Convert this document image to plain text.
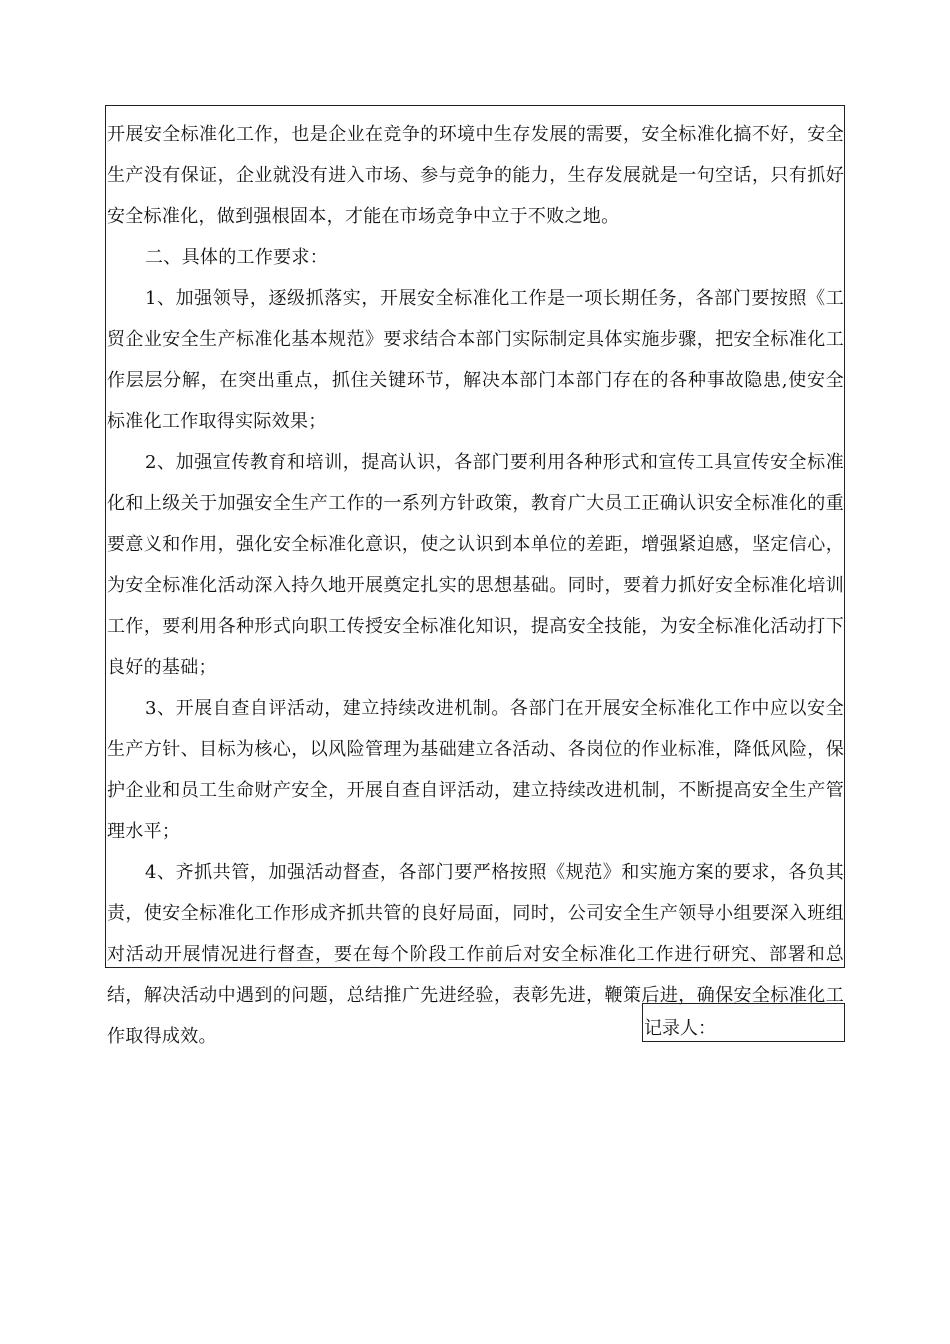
开展安全标准化工作，也是企业在竞争的环境中生存发展的需要，安全标准化搞不好，安全生产没有保证，企业就没有进入市场、参与竞争的能力，生存发展就是一句空话，只有抓好安全标准化，做到强根固本，才能在市场竞争中立于不败之地。

二、具体的工作要求：

1、加强领导，逐级抓落实，开展安全标准化工作是一项长期任务，各部门要按照《工贸企业安全生产标准化基本规范》要求结合本部门实际制定具体实施步骤，把安全标准化工作层层分解，在突出重点，抓住关键环节，解决本部门本部门存在的各种事故隐患,使安全标准化工作取得实际效果；

2、加强宣传教育和培训，提高认识，各部门要利用各种形式和宣传工具宣传安全标准化和上级关于加强安全生产工作的一系列方针政策，教育广大员工正确认识安全标准化的重要意义和作用，强化安全标准化意识，使之认识到本单位的差距，增强紧迫感，坚定信心，为安全标准化活动深入持久地开展奠定扎实的思想基础。同时，要着力抓好安全标准化培训工作，要利用各种形式向职工传授安全标准化知识，提高安全技能，为安全标准化活动打下良好的基础；

3、开展自查自评活动，建立持续改进机制。各部门在开展安全标准化工作中应以安全生产方针、目标为核心，以风险管理为基础建立各活动、各岗位的作业标准，降低风险，保护企业和员工生命财产安全，开展自查自评活动，建立持续改进机制，不断提高安全生产管理水平；

4、齐抓共管，加强活动督查，各部门要严格按照《规范》和实施方案的要求，各负其责，使安全标准化工作形成齐抓共管的良好局面，同时，公司安全生产领导小组要深入班组对活动开展情况进行督查，要在每个阶段工作前后对安全标准化工作进行研究、部署和总结，解决活动中遇到的问题，总结推广先进经验，表彰先进，鞭策后进，确保安全标准化工作取得成效。	记录人：
